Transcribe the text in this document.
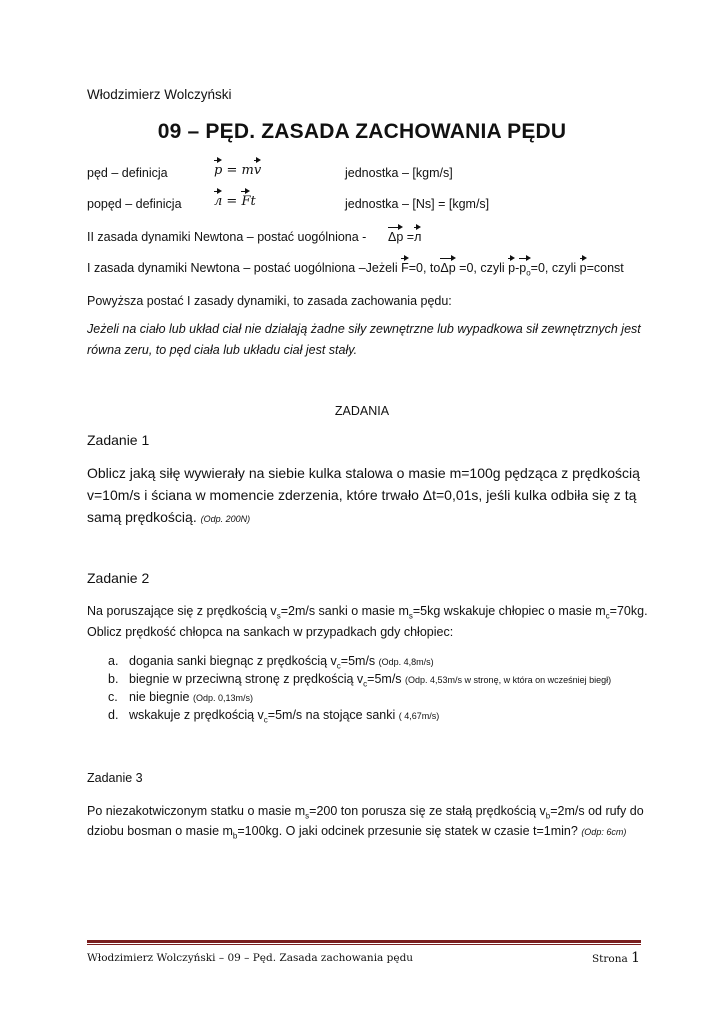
Włodzimierz Wolczyński
09 – PĘD. ZASADA ZACHOWANIA PĘDU
pęd – definicja	p = mv	jednostka – [kgm/s]
popęd – definicja л = Ft	jednostka – [Ns] = [kgm/s]
II zasada dynamiki Newtona – postać uogólniona - Δp =л
I zasada dynamiki Newtona – postać uogólniona –Jeżeli F=0, toΔp =0, czyli $p-p_o=0$, czyli p=const
Powyższa postać I zasady dynamiki, to zasada zachowania pędu:
Jeżeli na ciało lub układ ciał nie działają żadne siły zewnętrzne lub wypadkowa sił zewnętrznych jest równa zeru, to pęd ciała lub układu ciał jest stały.
ZADANIA
Zadanie 1
Oblicz jaką siłę wywierały na siebie kulka stalowa o masie m=100g pędząca z prędkością v=10m/s i ściana w momencie zderzenia, które trwało Δt=0,01s, jeśli kulka odbiła się z tą samą prędkością. (Odp. 200N)
Zadanie 2
Na poruszające się z prędkością $v_s=2m/s$ sanki o masie $m_s=5kg$ wskakuje chłopiec o masie $m_c=70kg$.
Oblicz prędkość chłopca na sankach w przypadkach gdy chłopiec:
a. dogania sanki biegnąc z prędkością $v_c=5m/s$ (Odp. 4,8m/s)
b. biegnie w przeciwną stronę z prędkością $v_c=5m/s$ (Odp. 4,53m/s w stronę, w która on wcześniej biegł)
c. nie biegnie (Odp. 0,13m/s)
d. wskakuje z prędkością $v_c=5m/s$ na stojące sanki ( 4,67m/s)
Zadanie 3
Po niezakotwiczonym statku o masie $m_s=200$ ton porusza się ze stałą prędkością $v_b=2m/s$ od rufy do
dziobu bosman o masie $m_b=100kg$. O jaki odcinek przesunie się statek w czasie t=1min? (Odp: 6cm)
Włodzimierz Wolczyński – 09 – Pęd. Zasada zachowania pędu	Strona 1
